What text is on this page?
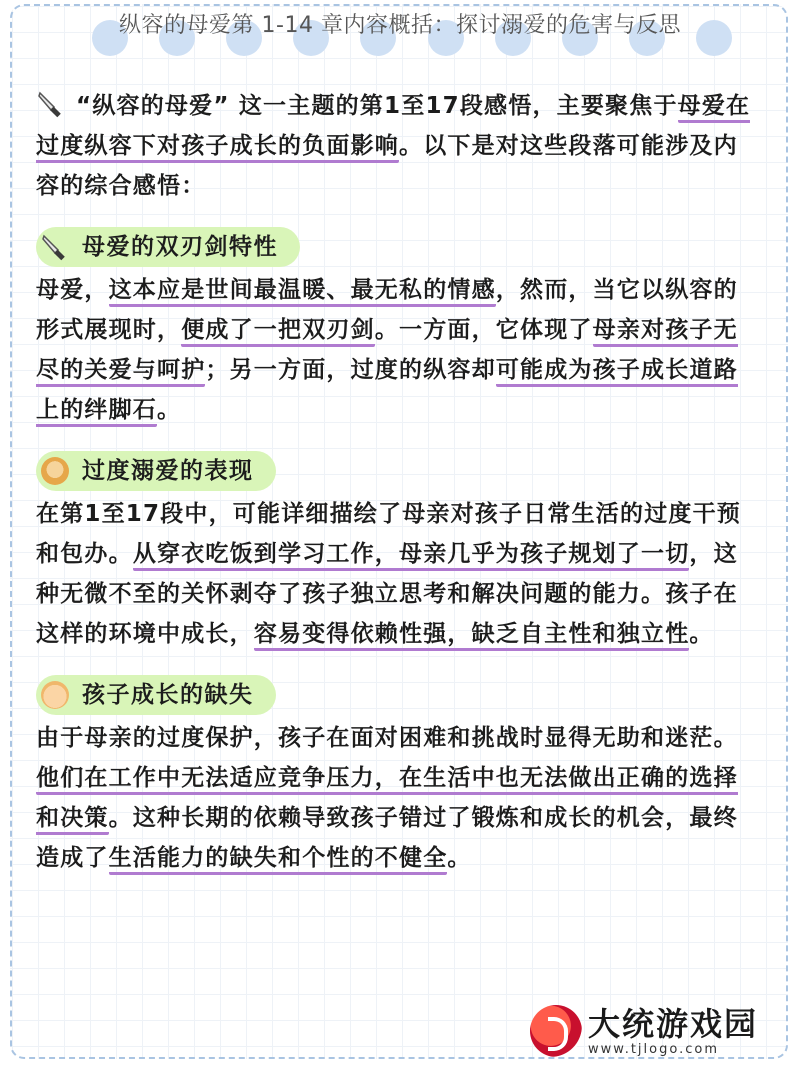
纵容的母爱第 1-14 章内容概括：探讨溺爱的危害与反思

“纵容的母爱” 这一主题的第1至17段感悟，主要聚焦于母爱在过度纵容下对孩子成长的负面影响。以下是对这些段落可能涉及内容的综合感悟：

母爱的双刃剑特性

母爱，这本应是世间最温暖、最无私的情感，然而，当它以纵容的形式展现时，便成了一把双刃剑。一方面，它体现了母亲对孩子无尽的关爱与呵护；另一方面，过度的纵容却可能成为孩子成长道路上的绊脚石。

过度溺爱的表现

在第1至17段中，可能详细描绘了母亲对孩子日常生活的过度干预和包办。从穿衣吃饭到学习工作，母亲几乎为孩子规划了一切，这种无微不至的关怀剥夺了孩子独立思考和解决问题的能力。孩子在这样的环境中成长，容易变得依赖性强，缺乏自主性和独立性。

孩子成长的缺失

由于母亲的过度保护，孩子在面对困难和挑战时显得无助和迷茫。他们在工作中无法适应竞争压力，在生活中也无法做出正确的选择和决策。这种长期的依赖导致孩子错过了锻炼和成长的机会，最终造成了生活能力的缺失和个性的不健全。

大统游戏园
www.tjlogo.com
